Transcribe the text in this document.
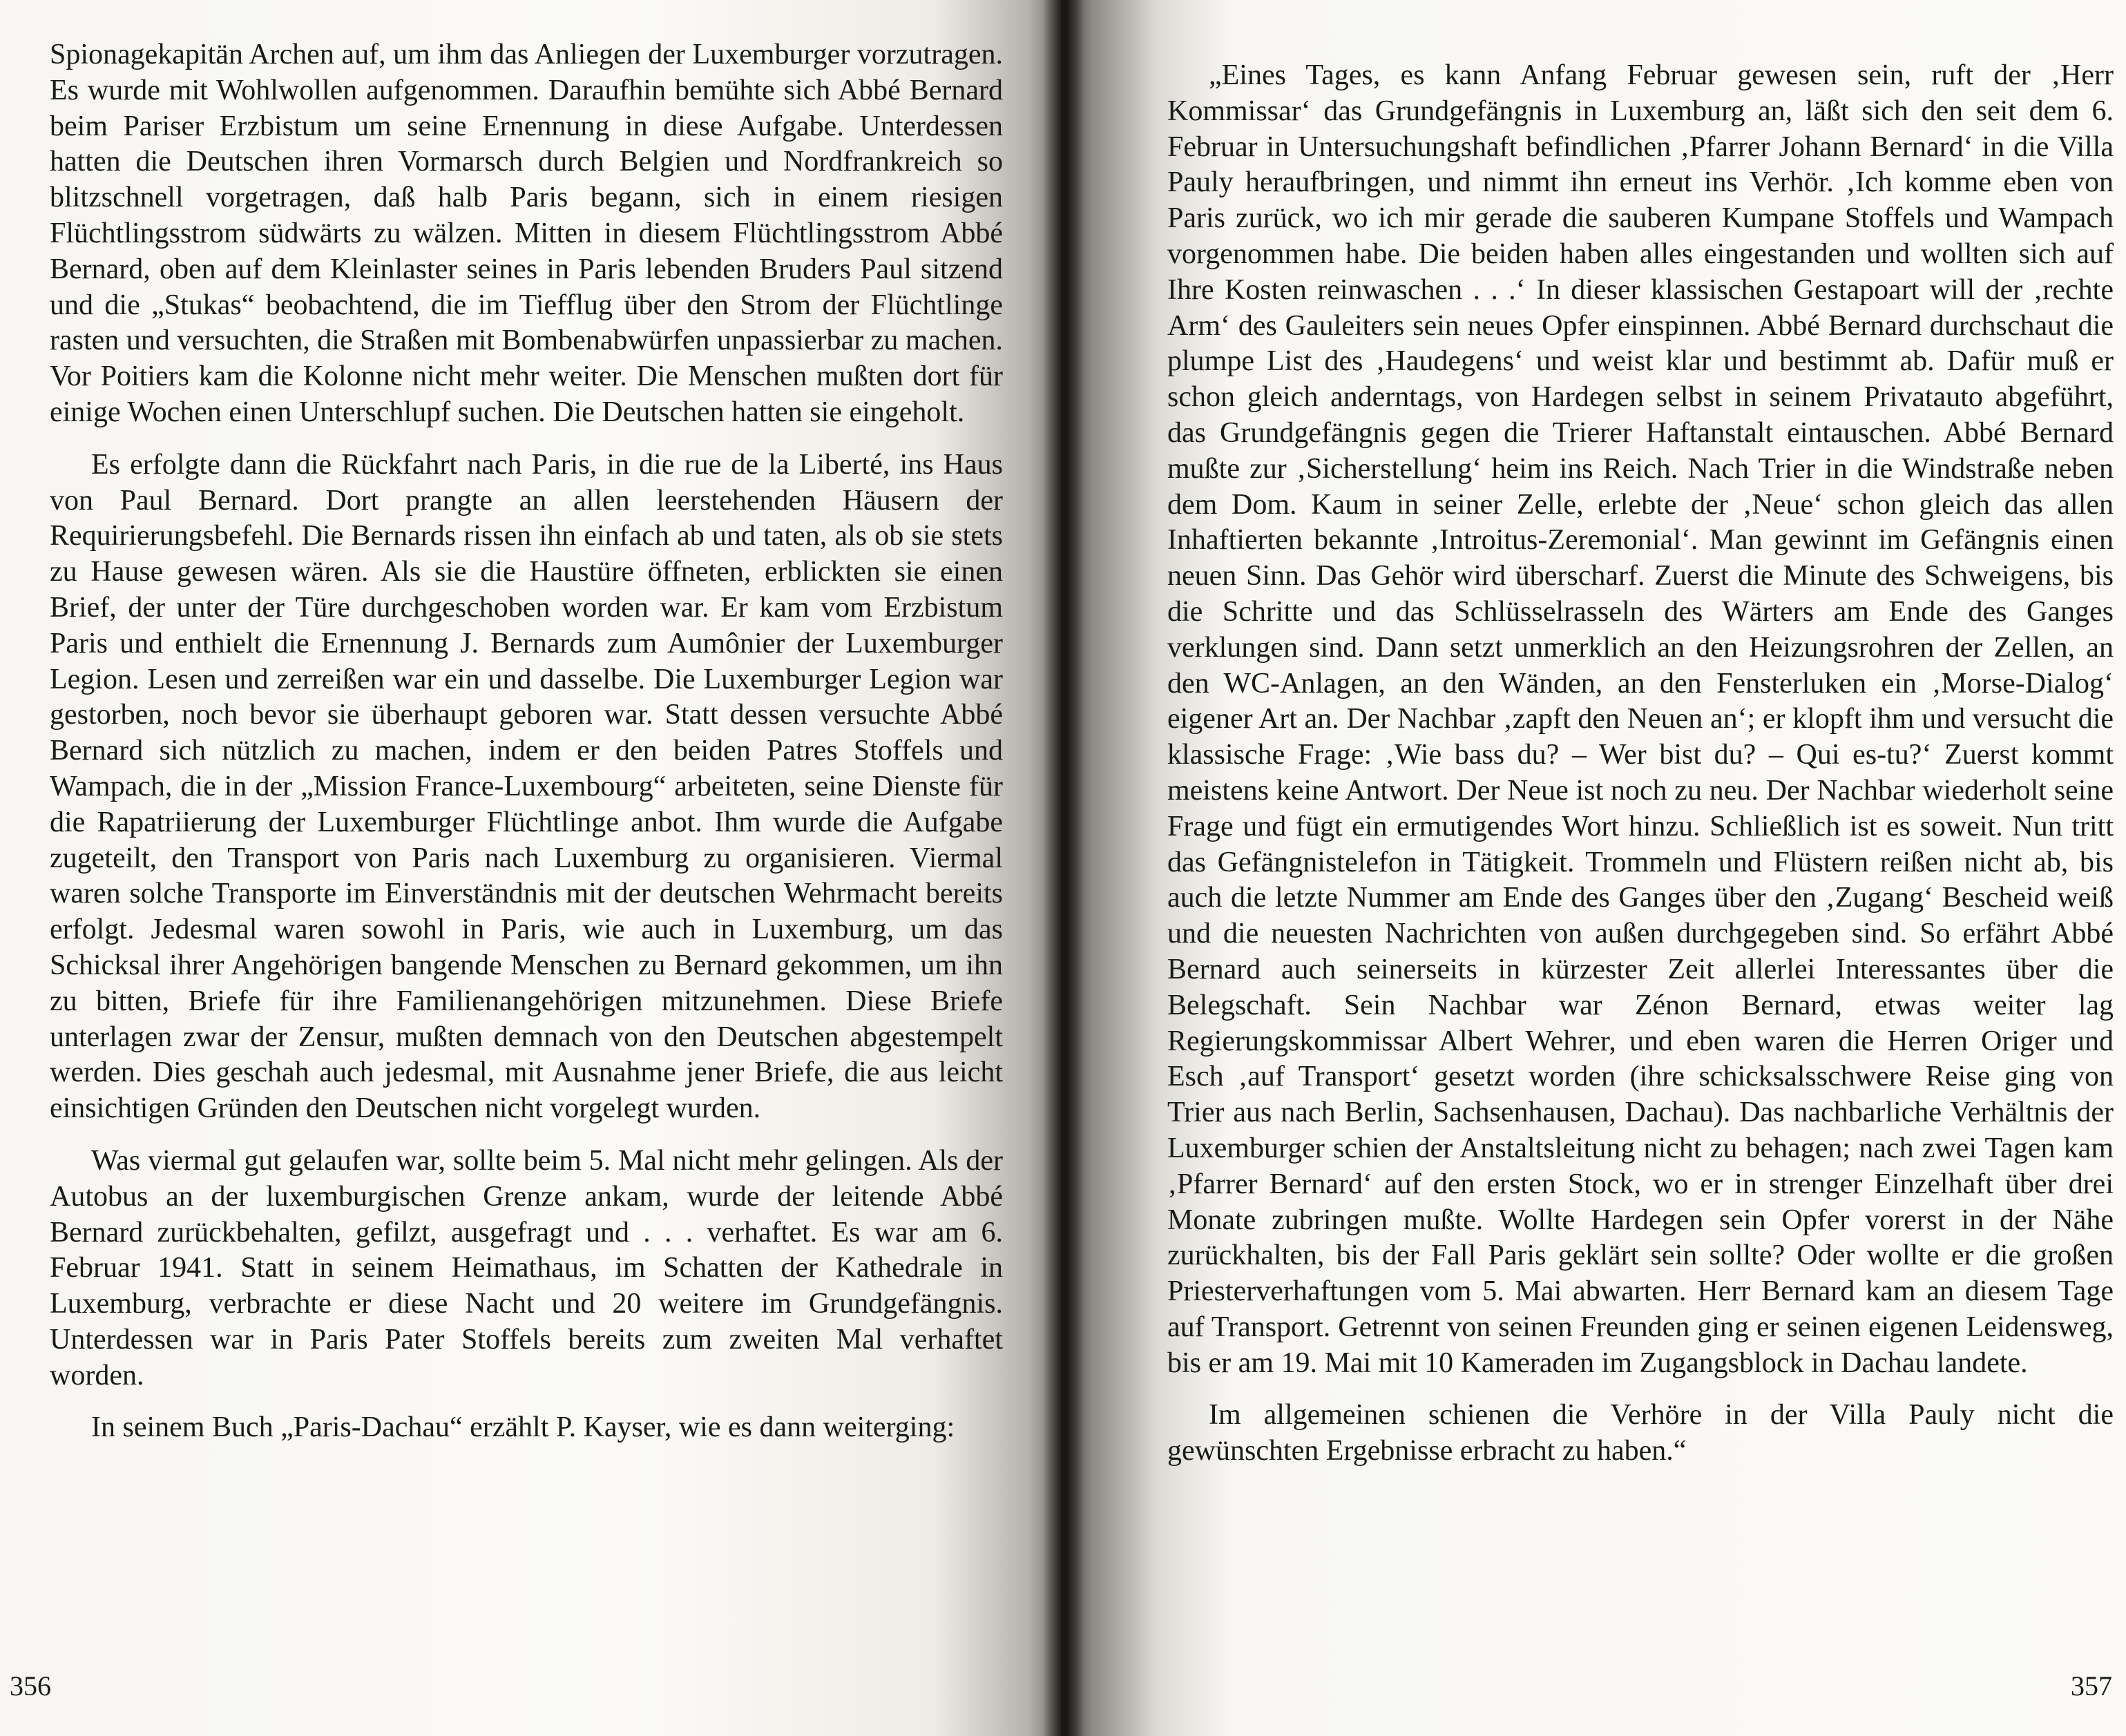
Spionagekapitän Archen auf, um ihm das Anliegen der Luxemburger vorzutragen. Es wurde mit Wohlwollen aufgenommen. Daraufhin bemühte sich Abbé Bernard beim Pariser Erzbistum um seine Ernennung in diese Aufgabe. Unterdessen hatten die Deutschen ihren Vormarsch durch Belgien und Nordfrankreich so blitzschnell vorgetragen, daß halb Paris begann, sich in einem riesigen Flüchtlingsstrom südwärts zu wälzen. Mitten in diesem Flüchtlingsstrom Abbé Bernard, oben auf dem Kleinlaster seines in Paris lebenden Bruders Paul sitzend und die „Stukas“ beobachtend, die im Tiefflug über den Strom der Flüchtlinge rasten und versuchten, die Straßen mit Bombenabwürfen unpassierbar zu machen. Vor Poitiers kam die Kolonne nicht mehr weiter. Die Menschen mußten dort für einige Wochen einen Unterschlupf suchen. Die Deutschen hatten sie eingeholt.

Es erfolgte dann die Rückfahrt nach Paris, in die rue de la Liberté, ins Haus von Paul Bernard. Dort prangte an allen leerstehenden Häusern der Requirierungsbefehl. Die Bernards rissen ihn einfach ab und taten, als ob sie stets zu Hause gewesen wären. Als sie die Haustüre öffneten, erblickten sie einen Brief, der unter der Türe durchgeschoben worden war. Er kam vom Erzbistum Paris und enthielt die Ernennung J. Bernards zum Aumônier der Luxemburger Legion. Lesen und zerreißen war ein und dasselbe. Die Luxemburger Legion war gestorben, noch bevor sie überhaupt geboren war. Statt dessen versuchte Abbé Bernard sich nützlich zu machen, indem er den beiden Patres Stoffels und Wampach, die in der „Mission France-Luxembourg“ arbeiteten, seine Dienste für die Rapatriierung der Luxemburger Flüchtlinge anbot. Ihm wurde die Aufgabe zugeteilt, den Transport von Paris nach Luxemburg zu organisieren. Viermal waren solche Transporte im Einverständnis mit der deutschen Wehrmacht bereits erfolgt. Jedesmal waren sowohl in Paris, wie auch in Luxemburg, um das Schicksal ihrer Angehörigen bangende Menschen zu Bernard gekommen, um ihn zu bitten, Briefe für ihre Familienangehörigen mitzunehmen. Diese Briefe unterlagen zwar der Zensur, mußten demnach von den Deutschen abgestempelt werden. Dies geschah auch jedesmal, mit Ausnahme jener Briefe, die aus leicht einsichtigen Gründen den Deutschen nicht vorgelegt wurden.

Was viermal gut gelaufen war, sollte beim 5. Mal nicht mehr gelingen. Als der Autobus an der luxemburgischen Grenze ankam, wurde der leitende Abbé Bernard zurückbehalten, gefilzt, ausgefragt und . . . verhaftet. Es war am 6. Februar 1941. Statt in seinem Heimathaus, im Schatten der Kathedrale in Luxemburg, verbrachte er diese Nacht und 20 weitere im Grundgefängnis. Unterdessen war in Paris Pater Stoffels bereits zum zweiten Mal verhaftet worden.

In seinem Buch „Paris-Dachau“ erzählt P. Kayser, wie es dann weiterging:

356

„Eines Tages, es kann Anfang Februar gewesen sein, ruft der ‚Herr Kommissar‘ das Grundgefängnis in Luxemburg an, läßt sich den seit dem 6. Februar in Untersuchungshaft befindlichen ‚Pfarrer Johann Bernard‘ in die Villa Pauly heraufbringen, und nimmt ihn erneut ins Verhör. ‚Ich komme eben von Paris zurück, wo ich mir gerade die sauberen Kumpane Stoffels und Wampach vorgenommen habe. Die beiden haben alles eingestanden und wollten sich auf Ihre Kosten reinwaschen . . .‘ In dieser klassischen Gestapoart will der ‚rechte Arm‘ des Gauleiters sein neues Opfer einspinnen. Abbé Bernard durchschaut die plumpe List des ‚Haudegens‘ und weist klar und bestimmt ab. Dafür muß er schon gleich anderntags, von Hardegen selbst in seinem Privatauto abgeführt, das Grundgefängnis gegen die Trierer Haftanstalt eintauschen. Abbé Bernard mußte zur ‚Sicherstellung‘ heim ins Reich. Nach Trier in die Windstraße neben dem Dom. Kaum in seiner Zelle, erlebte der ‚Neue‘ schon gleich das allen Inhaftierten bekannte ‚Introitus-Zeremonial‘. Man gewinnt im Gefängnis einen neuen Sinn. Das Gehör wird überscharf. Zuerst die Minute des Schweigens, bis die Schritte und das Schlüsselrasseln des Wärters am Ende des Ganges verklungen sind. Dann setzt unmerklich an den Heizungsrohren der Zellen, an den WC-Anlagen, an den Wänden, an den Fensterluken ein ‚Morse-Dialog‘ eigener Art an. Der Nachbar ‚zapft den Neuen an‘; er klopft ihm und versucht die klassische Frage: ‚Wie bass du? – Wer bist du? – Qui es-tu?‘ Zuerst kommt meistens keine Antwort. Der Neue ist noch zu neu. Der Nachbar wiederholt seine Frage und fügt ein ermutigendes Wort hinzu. Schließlich ist es soweit. Nun tritt das Gefängnistelefon in Tätigkeit. Trommeln und Flüstern reißen nicht ab, bis auch die letzte Nummer am Ende des Ganges über den ‚Zugang‘ Bescheid weiß und die neuesten Nachrichten von außen durchgegeben sind. So erfährt Abbé Bernard auch seinerseits in kürzester Zeit allerlei Interessantes über die Belegschaft. Sein Nachbar war Zénon Bernard, etwas weiter lag Regierungskommissar Albert Wehrer, und eben waren die Herren Origer und Esch ‚auf Transport‘ gesetzt worden (ihre schicksalsschwere Reise ging von Trier aus nach Berlin, Sachsenhausen, Dachau). Das nachbarliche Verhältnis der Luxemburger schien der Anstaltsleitung nicht zu behagen; nach zwei Tagen kam ‚Pfarrer Bernard‘ auf den ersten Stock, wo er in strenger Einzelhaft über drei Monate zubringen mußte. Wollte Hardegen sein Opfer vorerst in der Nähe zurückhalten, bis der Fall Paris geklärt sein sollte? Oder wollte er die großen Priesterverhaftungen vom 5. Mai abwarten. Herr Bernard kam an diesem Tage auf Transport. Getrennt von seinen Freunden ging er seinen eigenen Leidensweg, bis er am 19. Mai mit 10 Kameraden im Zugangsblock in Dachau landete.

Im allgemeinen schienen die Verhöre in der Villa Pauly nicht die gewünschten Ergebnisse erbracht zu haben.“

357
